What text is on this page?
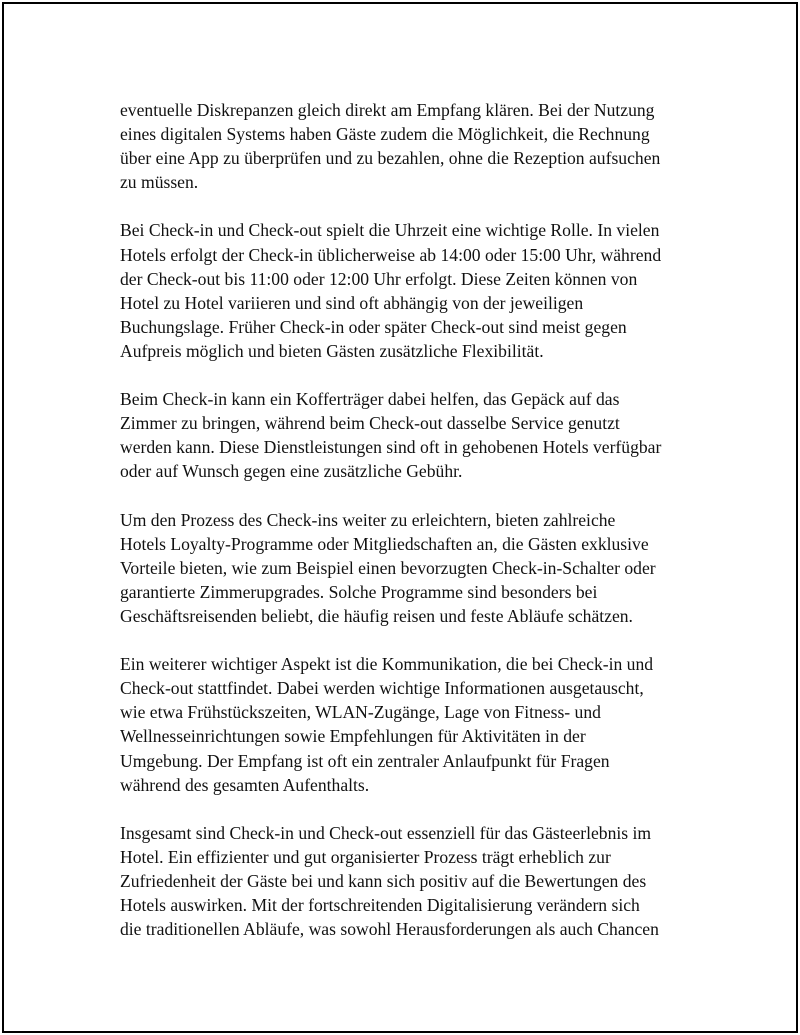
eventuelle Diskrepanzen gleich direkt am Empfang klären. Bei der Nutzung
eines digitalen Systems haben Gäste zudem die Möglichkeit, die Rechnung
über eine App zu überprüfen und zu bezahlen, ohne die Rezeption aufsuchen
zu müssen.

Bei Check-in und Check-out spielt die Uhrzeit eine wichtige Rolle. In vielen
Hotels erfolgt der Check-in üblicherweise ab 14:00 oder 15:00 Uhr, während
der Check-out bis 11:00 oder 12:00 Uhr erfolgt. Diese Zeiten können von
Hotel zu Hotel variieren und sind oft abhängig von der jeweiligen
Buchungslage. Früher Check-in oder später Check-out sind meist gegen
Aufpreis möglich und bieten Gästen zusätzliche Flexibilität.

Beim Check-in kann ein Kofferträger dabei helfen, das Gepäck auf das
Zimmer zu bringen, während beim Check-out dasselbe Service genutzt
werden kann. Diese Dienstleistungen sind oft in gehobenen Hotels verfügbar
oder auf Wunsch gegen eine zusätzliche Gebühr.

Um den Prozess des Check-ins weiter zu erleichtern, bieten zahlreiche
Hotels Loyalty-Programme oder Mitgliedschaften an, die Gästen exklusive
Vorteile bieten, wie zum Beispiel einen bevorzugten Check-in-Schalter oder
garantierte Zimmerupgrades. Solche Programme sind besonders bei
Geschäftsreisenden beliebt, die häufig reisen und feste Abläufe schätzen.

Ein weiterer wichtiger Aspekt ist die Kommunikation, die bei Check-in und
Check-out stattfindet. Dabei werden wichtige Informationen ausgetauscht,
wie etwa Frühstückszeiten, WLAN-Zugänge, Lage von Fitness- und
Wellnesseinrichtungen sowie Empfehlungen für Aktivitäten in der
Umgebung. Der Empfang ist oft ein zentraler Anlaufpunkt für Fragen
während des gesamten Aufenthalts.

Insgesamt sind Check-in und Check-out essenziell für das Gästeerlebnis im
Hotel. Ein effizienter und gut organisierter Prozess trägt erheblich zur
Zufriedenheit der Gäste bei und kann sich positiv auf die Bewertungen des
Hotels auswirken. Mit der fortschreitenden Digitalisierung verändern sich
die traditionellen Abläufe, was sowohl Herausforderungen als auch Chancen
